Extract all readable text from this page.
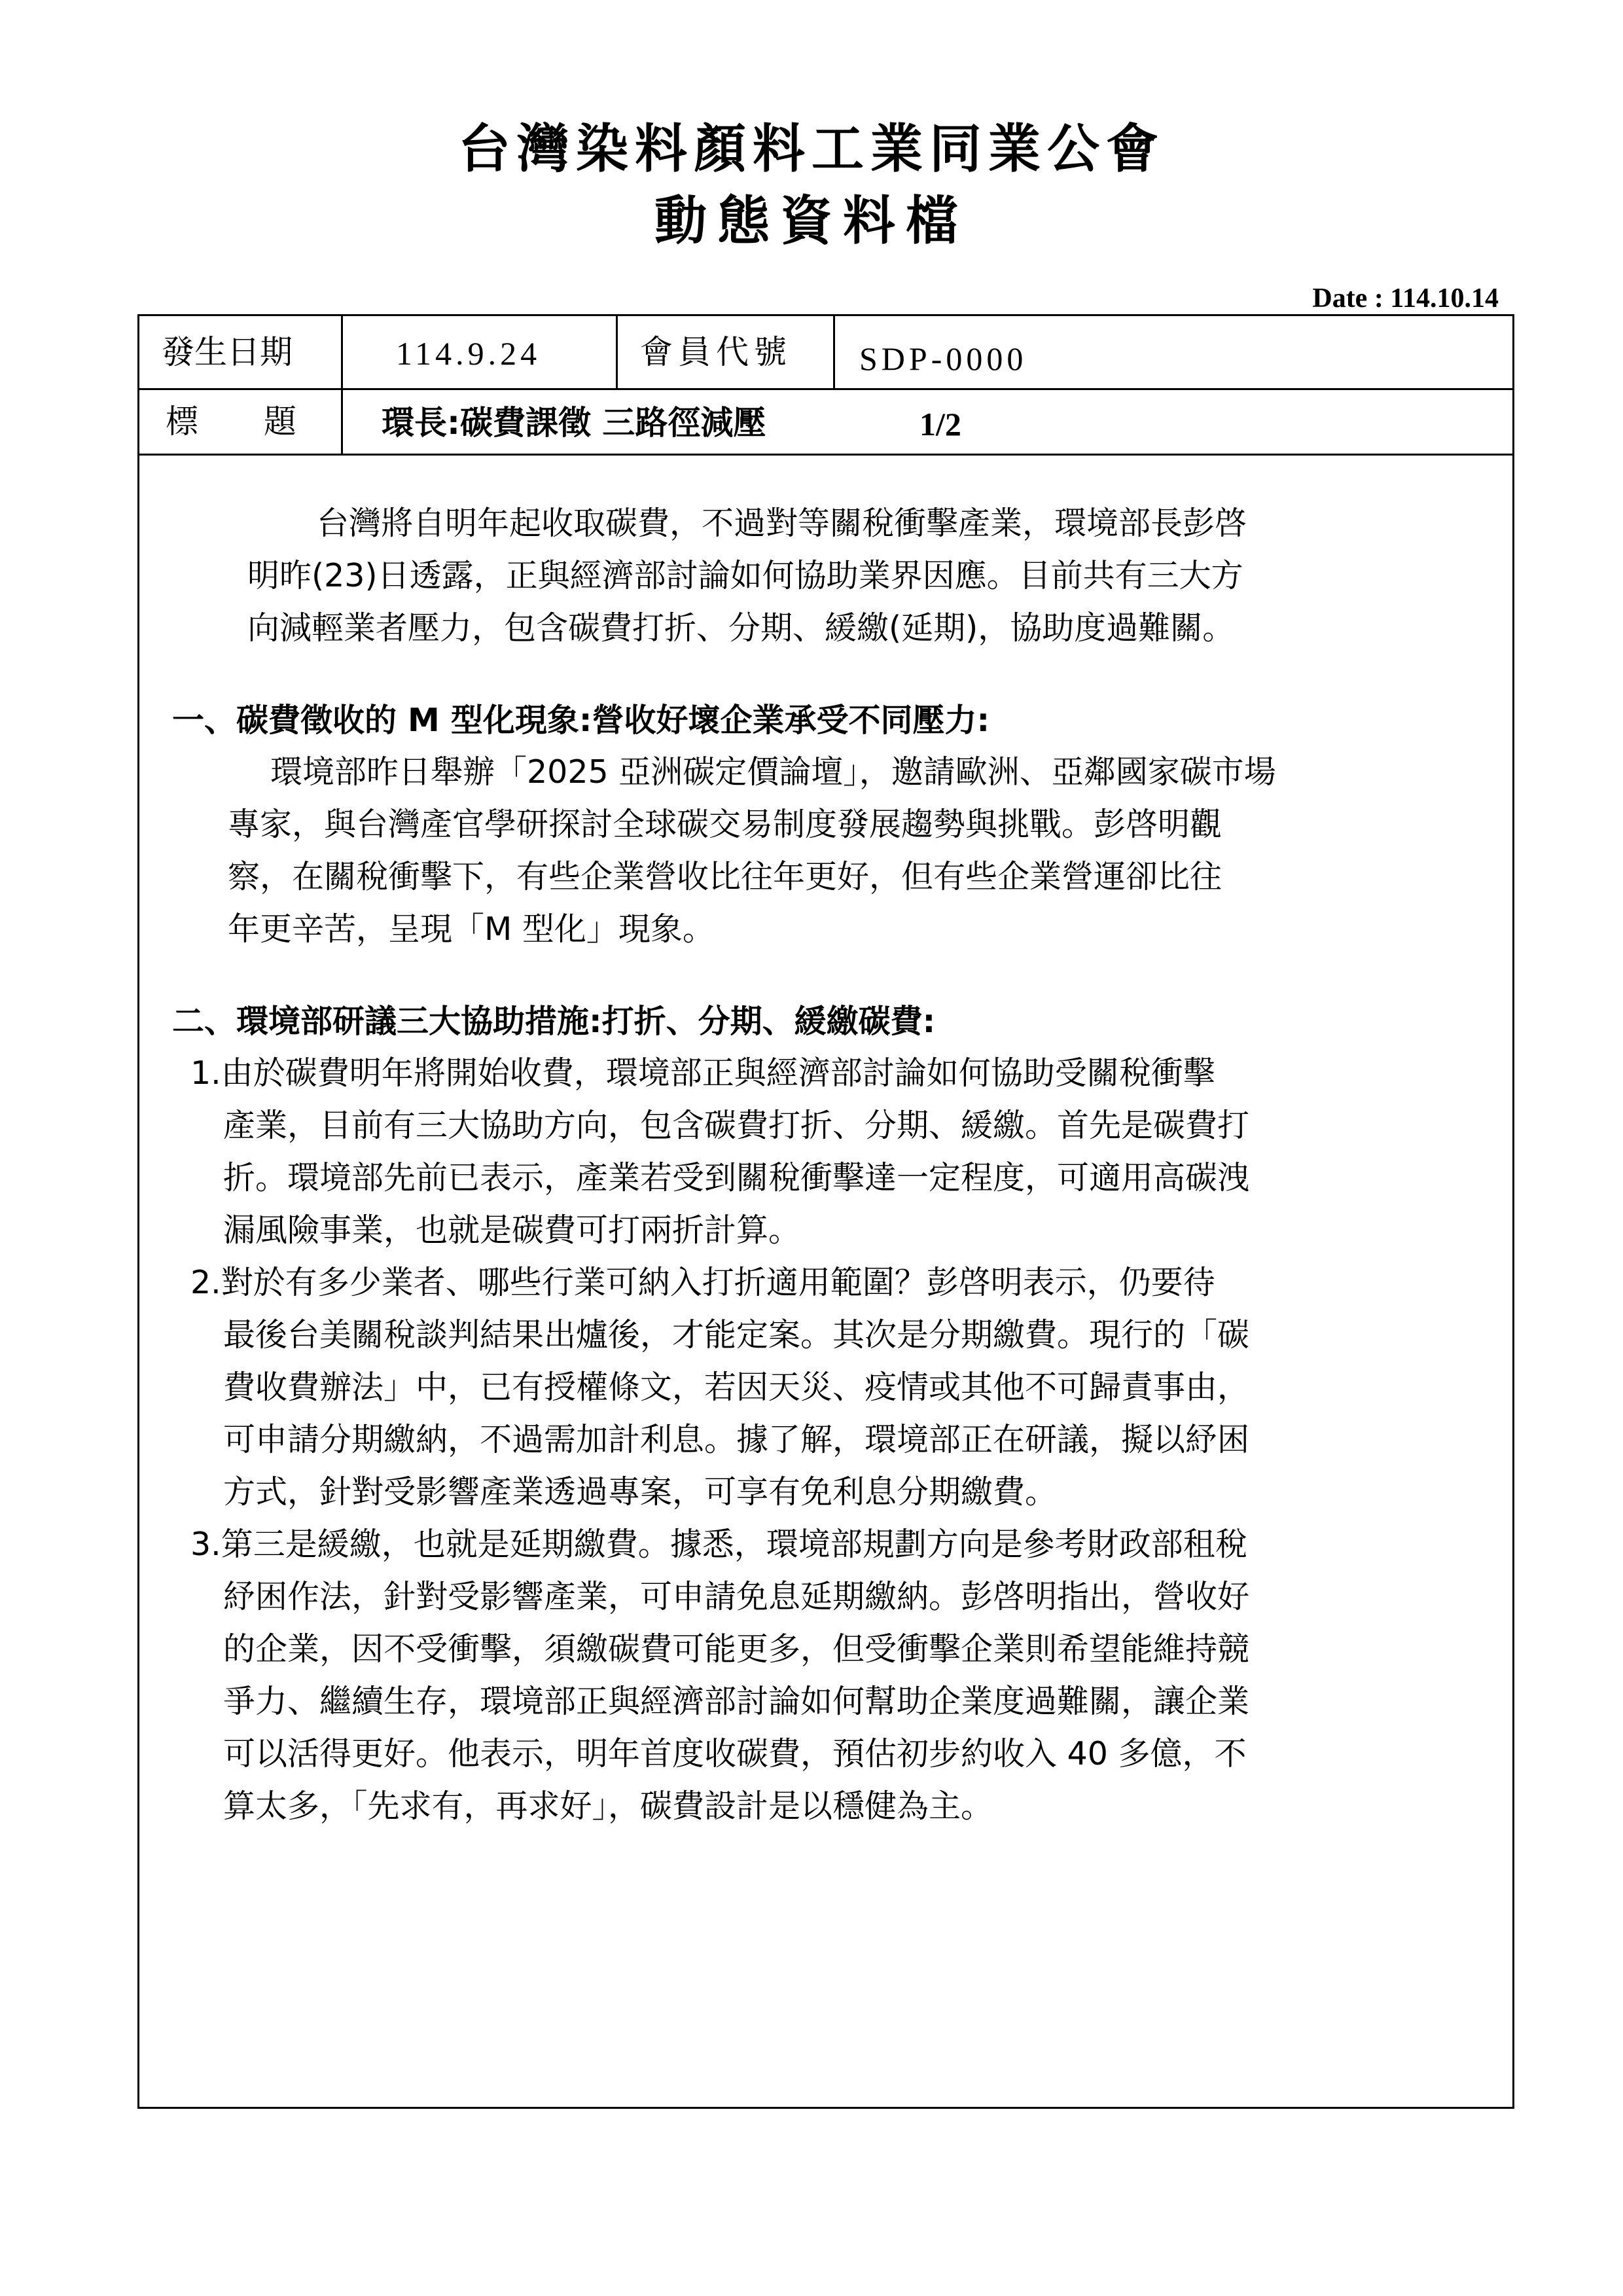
台灣染料顏料工業同業公會
動態資料檔
Date : 114.10.14
發生日期	114.9.24	會員代號 SDP-0000
標　　題	環長:碳費課徵 三路徑減壓	1/2
　台灣將自明年起收取碳費，不過對等關稅衝擊產業，環境部長彭啓
明昨(23)日透露，正與經濟部討論如何協助業界因應。目前共有三大方
向減輕業者壓力，包含碳費打折、分期、緩繳(延期)，協助度過難關。
一、碳費徵收的 M 型化現象:營收好壞企業承受不同壓力:
環境部昨日舉辦「2025 亞洲碳定價論壇」，邀請歐洲、亞鄰國家碳市場
專家，與台灣產官學研探討全球碳交易制度發展趨勢與挑戰。彭啓明觀
察，在關稅衝擊下，有些企業營收比往年更好，但有些企業營運卻比往
年更辛苦，呈現「M 型化」現象。
二、環境部研議三大協助措施:打折、分期、緩繳碳費:
1.由於碳費明年將開始收費，環境部正與經濟部討論如何協助受關稅衝擊
產業，目前有三大協助方向，包含碳費打折、分期、緩繳。首先是碳費打
折。環境部先前已表示，產業若受到關稅衝擊達一定程度，可適用高碳洩
漏風險事業，也就是碳費可打兩折計算。
2.對於有多少業者、哪些行業可納入打折適用範圍？彭啓明表示，仍要待
最後台美關稅談判結果出爐後，才能定案。其次是分期繳費。現行的「碳
費收費辦法」中，已有授權條文，若因天災、疫情或其他不可歸責事由，
可申請分期繳納，不過需加計利息。據了解，環境部正在研議，擬以紓困
方式，針對受影響產業透過專案，可享有免利息分期繳費。
3.第三是緩繳，也就是延期繳費。據悉，環境部規劃方向是參考財政部租稅
紓困作法，針對受影響產業，可申請免息延期繳納。彭啓明指出，營收好
的企業，因不受衝擊，須繳碳費可能更多，但受衝擊企業則希望能維持競
爭力、繼續生存，環境部正與經濟部討論如何幫助企業度過難關，讓企業
可以活得更好。他表示，明年首度收碳費，預估初步約收入 40 多億，不
算太多，「先求有，再求好」，碳費設計是以穩健為主。
